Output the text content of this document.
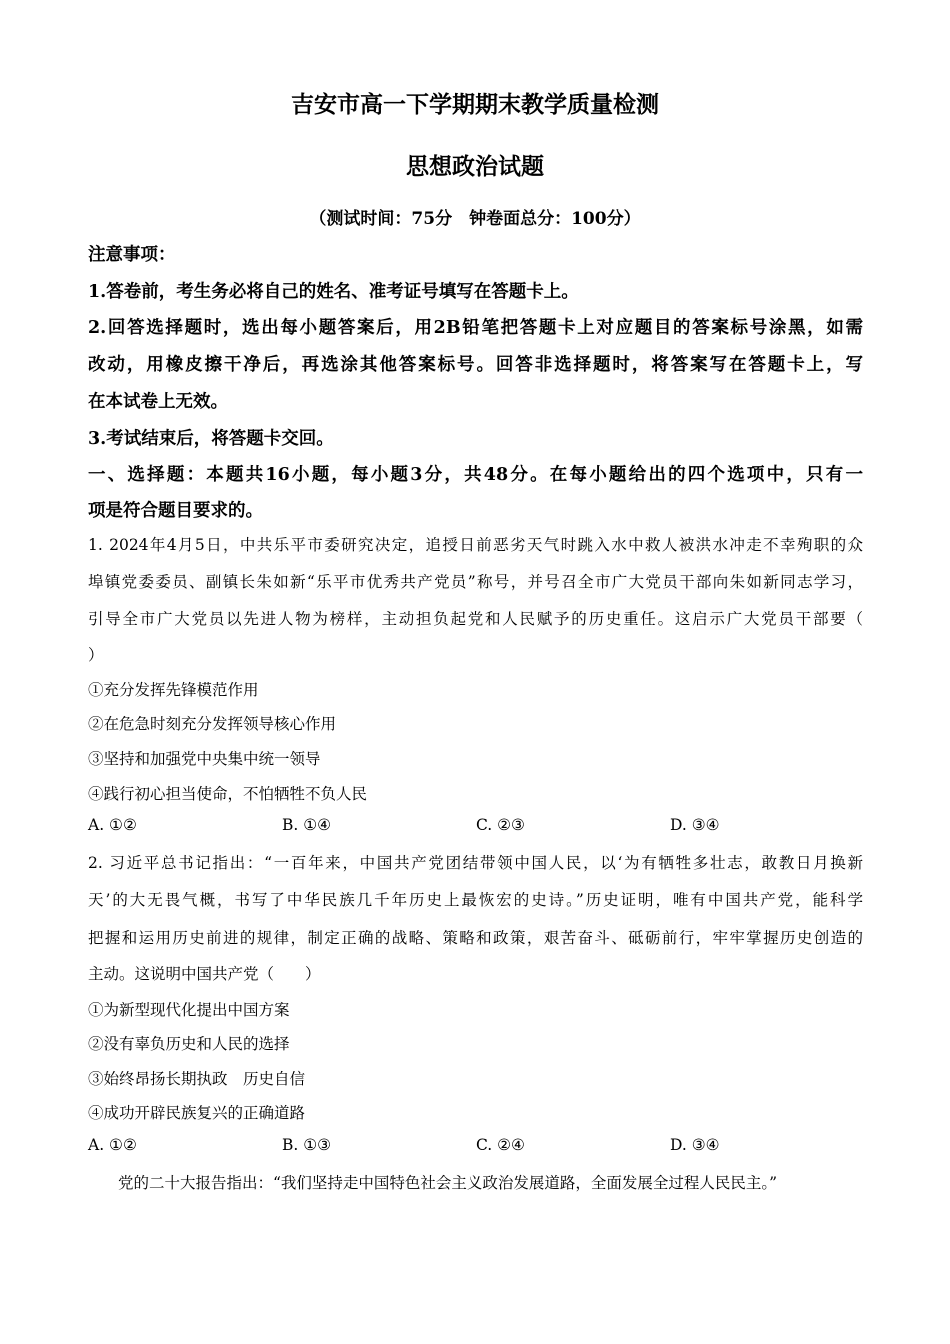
吉安市高一下学期期末教学质量检测
思想政治试题
（测试时间：75分　钟卷面总分：100分）
注意事项：
1.答卷前，考生务必将自己的姓名、准考证号填写在答题卡上。
2.回答选择题时，选出每小题答案后，用2B铅笔把答题卡上对应题目的答案标号涂黑，如需
改动，用橡皮擦干净后，再选涂其他答案标号。回答非选择题时，将答案写在答题卡上，写
在本试卷上无效。
3.考试结束后，将答题卡交回。
一、选择题：本题共16小题，每小题3分，共48分。在每小题给出的四个选项中，只有一
项是符合题目要求的。
1. 2024年4月5日，中共乐平市委研究决定，追授日前恶劣天气时跳入水中救人被洪水冲走不幸殉职的众
埠镇党委委员、副镇长朱如新“乐平市优秀共产党员”称号，并号召全市广大党员干部向朱如新同志学习，
引导全市广大党员以先进人物为榜样，主动担负起党和人民赋予的历史重任。这启示广大党员干部要（
）
①充分发挥先锋模范作用
②在危急时刻充分发挥领导核心作用
③坚持和加强党中央集中统一领导
④践行初心担当使命，不怕牺牲不负人民
A. ①②	B. ①④	C. ②③	D. ③④
2. 习近平总书记指出：“一百年来，中国共产党团结带领中国人民，以‘为有牺牲多壮志，敢教日月换新
天’的大无畏气概，书写了中华民族几千年历史上最恢宏的史诗。”历史证明，唯有中国共产党，能科学
把握和运用历史前进的规律，制定正确的战略、策略和政策，艰苦奋斗、砥砺前行，牢牢掌握历史创造的
主动。这说明中国共产党（　　）
①为新型现代化提出中国方案
②没有辜负历史和人民的选择
③始终昂扬长期执政　历史自信
④成功开辟民族复兴的正确道路
A. ①②	B. ①③	C. ②④	D. ③④
党的二十大报告指出：“我们坚持走中国特色社会主义政治发展道路，全面发展全过程人民民主。”
